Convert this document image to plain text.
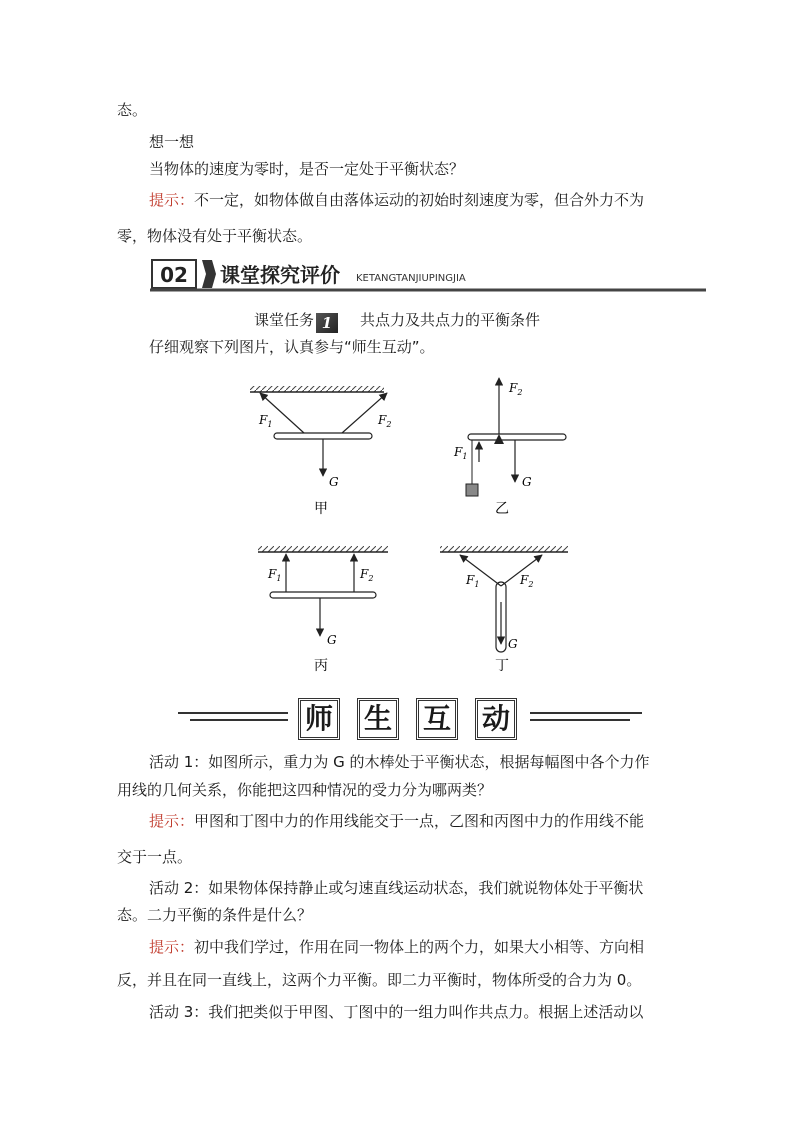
态。
想一想
当物体的速度为零时，是否一定处于平衡状态？
提示：不一定，如物体做自由落体运动的初始时刻速度为零，但合外力不为
零，物体没有处于平衡状态。
02 课堂探究评价 KETANGTANJIUPINGJIA
课堂任务 1 共点力及共点力的平衡条件
仔细观察下列图片，认真参与“师生互动”。
$F_1$	$F_2$
G
甲
$F_2$
$F_1$
G
乙
$F_1$	$F_2$
G
丙
$F_1$	$F_2$
G
丁
师 生 互 动
活动 1：如图所示，重力为 G 的木棒处于平衡状态，根据每幅图中各个力作
用线的几何关系，你能把这四种情况的受力分为哪两类？
提示：甲图和丁图中力的作用线能交于一点，乙图和丙图中力的作用线不能
交于一点。
活动 2：如果物体保持静止或匀速直线运动状态，我们就说物体处于平衡状
态。二力平衡的条件是什么？
提示：初中我们学过，作用在同一物体上的两个力，如果大小相等、方向相
反，并且在同一直线上，这两个力平衡。即二力平衡时，物体所受的合力为 0。
活动 3：我们把类似于甲图、丁图中的一组力叫作共点力。根据上述活动以
